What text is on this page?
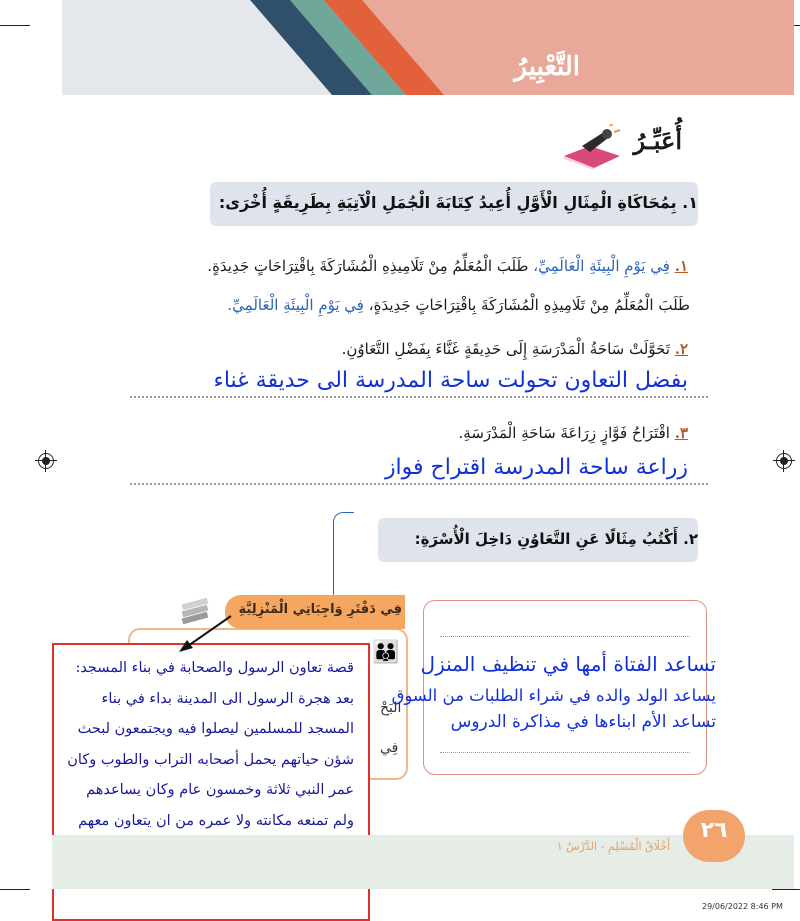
التَّعْبِيرُ
أُعَبِّـرُ
١. بِمُحَاكَاةِ الْمِثَالِ الْأَوَّلِ أُعِيدُ كِتَابَةَ الْجُمَلِ الْآتِيَةِ بِطَرِيقَةٍ أُخْرَى:
١. فِي يَوْمِ الْبِيئَةِ الْعَالَمِيِّ، طَلَبَ الْمُعَلِّمُ مِنْ تَلَامِيذِهِ الْمُشَارَكَةَ بِاقْتِرَاحَاتٍ جَدِيدَةٍ.
طَلَبَ الْمُعَلِّمُ مِنْ تَلَامِيذِهِ الْمُشَارَكَةَ بِاقْتِرَاحَاتٍ جَدِيدَةٍ، فِي يَوْمِ الْبِيئَةِ الْعَالَمِيِّ.
٢. تَحَوَّلَتْ سَاحَةُ الْمَدْرَسَةِ إِلَى حَدِيقَةٍ غَنَّاءَ بِفَضْلِ التَّعَاوُنِ.
بفضل التعاون تحولت ساحة المدرسة الى حديقة غناء
٣. اقْتَرَاحُ فَوَّازٍ زِرَاعَةَ سَاحَةِ الْمَدْرَسَةِ.
زراعة ساحة المدرسة اقتراح فواز
٢. أَكْتُبُ مِثَالًا عَنِ التَّعَاوُنِ دَاخِلَ الْأُسْرَةِ:
فِي دَفْتَرِ وَاجِبَاتِي الْمَنْزِلِيَّةِ
👪
البَحْ
فِي
تساعد الفتاة أمها في تنظيف المنزل
يساعد الولد والده في شراء الطلبات من السوق
تساعد الأم ابناءها في مذاكرة الدروس
قصة تعاون الرسول والصحابة في بناء المسجد: بعد هجرة الرسول الى المدينة بداء في بناء المسجد للمسلمين ليصلوا فيه ويجتمعون لبحث شؤن حياتهم يحمل أصحابه التراب والطوب وكان عمر النبي ثلاثة وخمسون عام وكان يساعدهم ولم تمنعه مكانته ولا عمره من ان يتعاون معهم	٢٦
أَخْلَاقُ الْمُسْلِمِ - الدَّرْسُ ١
29/06/2022 8:46 PM
